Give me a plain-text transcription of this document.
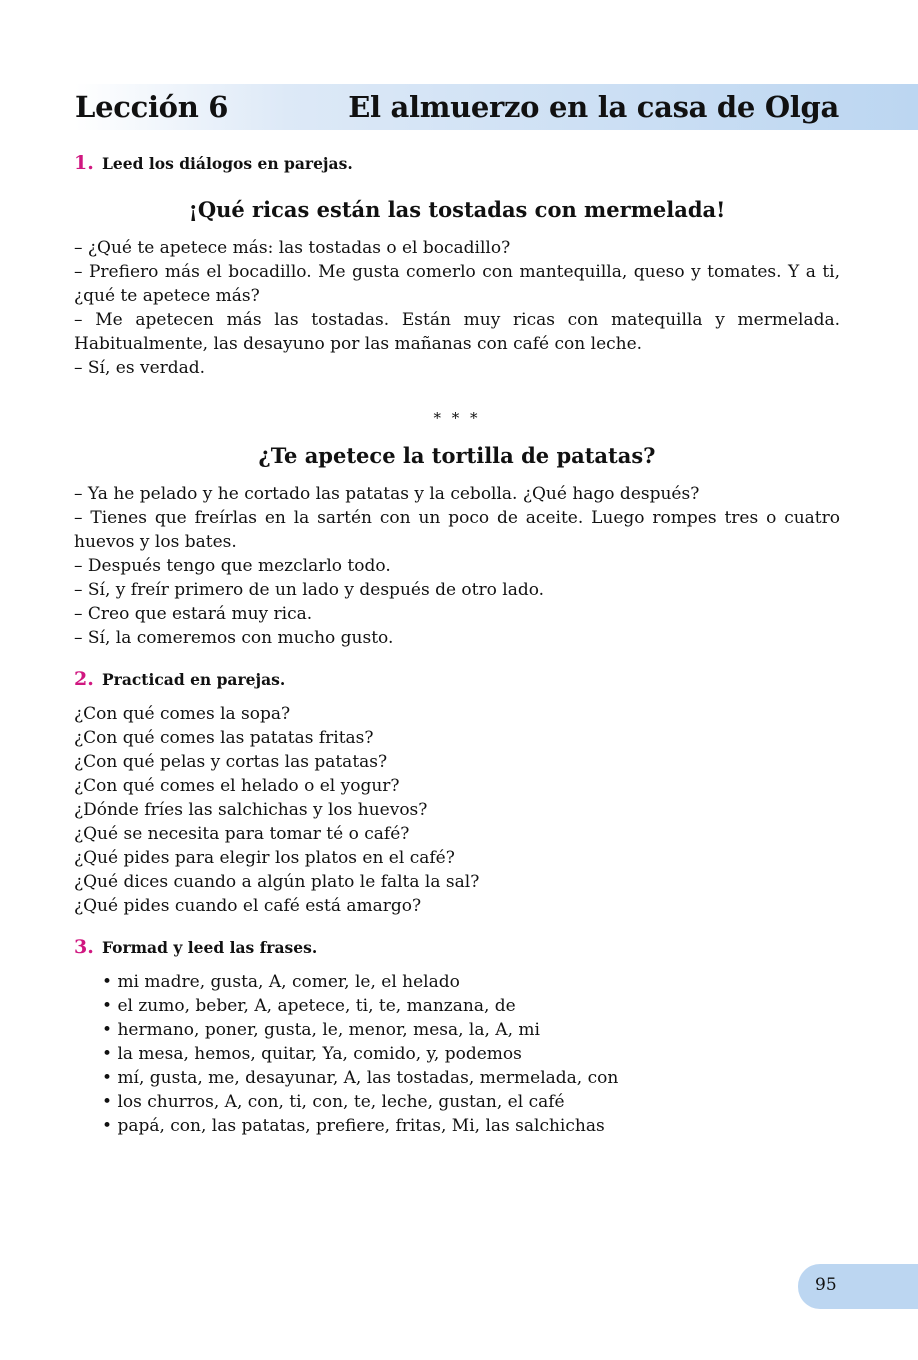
Lección 6	El almuerzo en la casa de Olga
1. Leed los diálogos en parejas.
¡Qué ricas están las tostadas con mermelada!

– ¿Qué te apetece más: las tostadas o el bocadillo?

– Prefiero más el bocadillo. Me gusta comerlo con mantequilla, queso y tomates. Y a ti, ¿qué te apetece más?

– Me apetecen más las tostadas. Están muy ricas con matequilla y mermelada. Habitualmente, las desayuno por las mañanas con café con leche.

– Sí, es verdad.

* * *
¿Te apetece la tortilla de patatas?

– Ya he pelado y he cortado las patatas y la cebolla. ¿Qué hago después?

– Tienes que freírlas en la sartén con un poco de aceite. Luego rompes tres o cuatro huevos y los bates.

– Después tengo que mezclarlo todo.

– Sí, y freír primero de un lado y después de otro lado.

– Creo que estará muy rica.

– Sí, la comeremos con mucho gusto.

2. Practicad en parejas.

¿Con qué comes la sopa?

¿Con qué comes las patatas fritas?

¿Con qué pelas y cortas las patatas?

¿Con qué comes el helado o el yogur?

¿Dónde fríes las salchichas y los huevos?

¿Qué se necesita para tomar té o café?

¿Qué pides para elegir los platos en el café?

¿Qué dices cuando a algún plato le falta la sal?

¿Qué pides cuando el café está amargo?

3. Formad y leed las frases.
• mi madre, gusta, A, comer, le, el helado
• el zumo, beber, A, apetece, ti, te, manzana, de
• hermano, poner, gusta, le, menor, mesa, la, A, mi
• la mesa, hemos, quitar, Ya, comido, y, podemos
• mí, gusta, me, desayunar, A, las tostadas, mermelada, con
• los churros, A, con, ti, con, te, leche, gustan, el café
• papá, con, las patatas, prefiere, fritas, Mi, las salchichas
95
